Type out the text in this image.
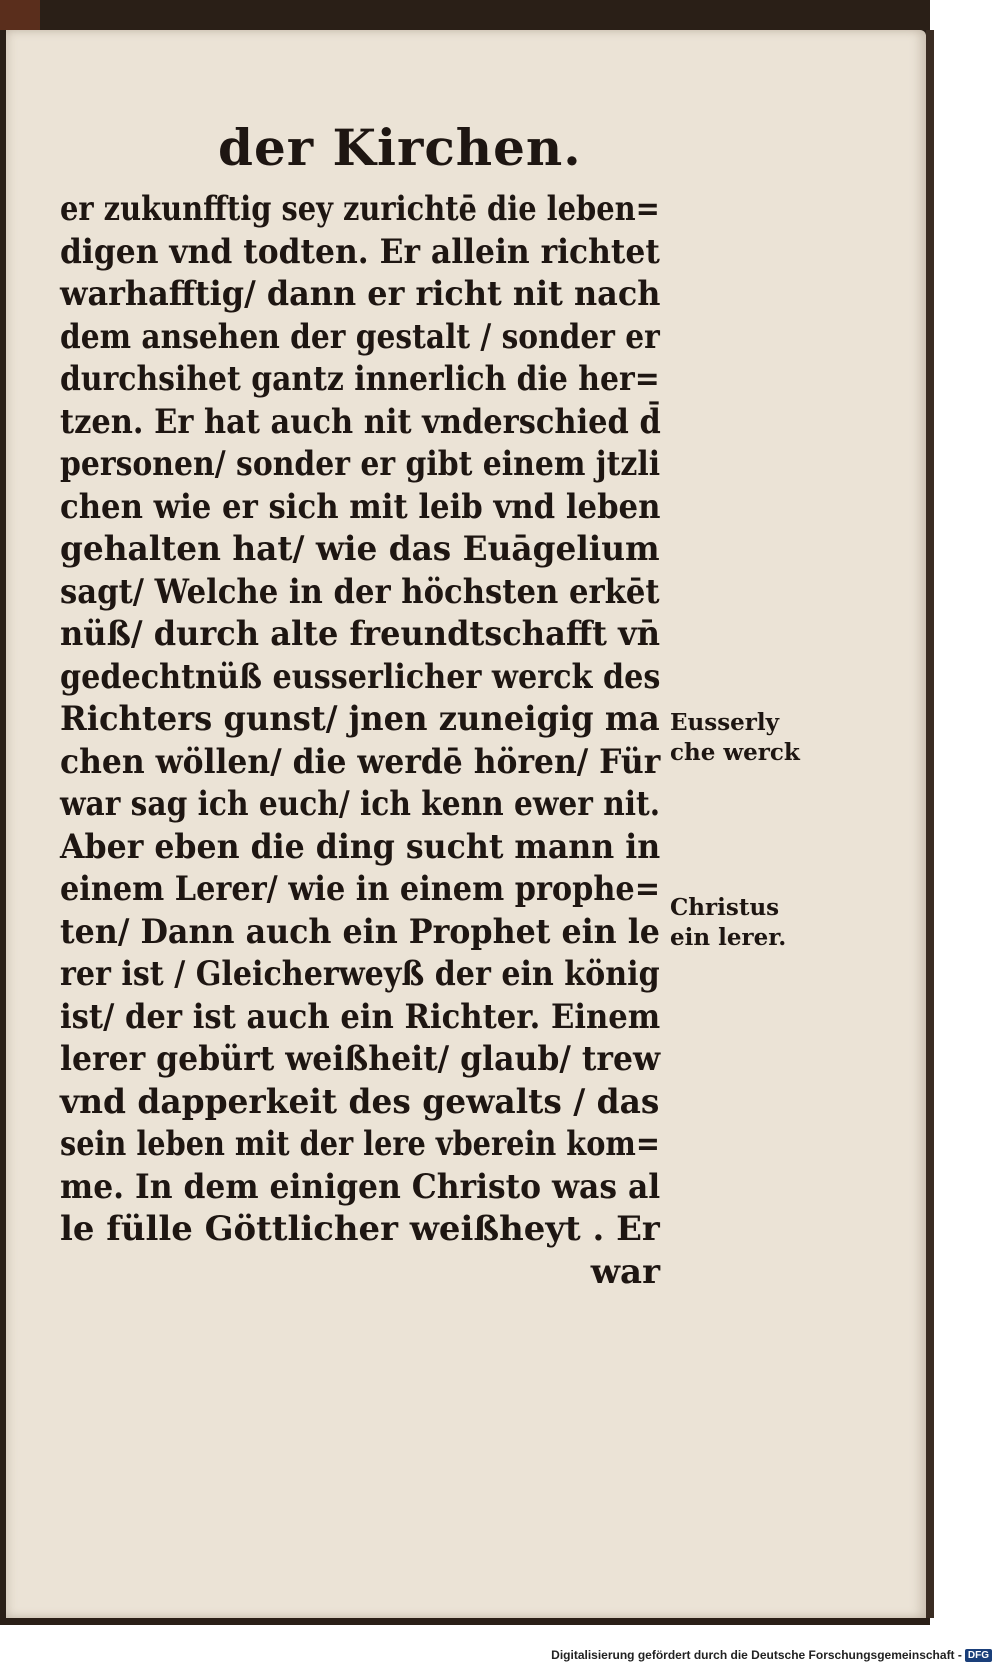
der Kirchen.
er zukunfftig sey zurichtē die leben=
digen vnd todten. Er allein richtet
warhafftig/ dann er richt nit nach
dem ansehen der gestalt / sonder er
durchsihet gantz innerlich die her=
tzen. Er hat auch nit vnderschied d̄
personen/ sonder er gibt einem jtzli
chen wie er sich mit leib vnd leben
gehalten hat/ wie das Euāgelium
sagt/ Welche in der höchsten erkēt
nüß/ durch alte freundtschafft vn̄
gedechtnüß eusserlicher werck des
Richters gunst/ jnen zuneigig ma
chen wöllen/ die werdē hören/ Für
war sag ich euch/ ich kenn ewer nit.
Aber eben die ding sucht mann in
einem Lerer/ wie in einem prophe=
ten/ Dann auch ein Prophet ein le
rer ist / Gleicherweyß der ein könig
ist/ der ist auch ein Richter. Einem
lerer gebürt weißheit/ glaub/ trew
vnd dapperkeit des gewalts / das
sein leben mit der lere vberein kom=
me. In dem einigen Christo was al
le fülle Göttlicher weißheyt . Er
war
Eusserly
che werck
Christus
ein lerer.
Digitalisierung gefördert durch die Deutsche Forschungsgemeinschaft - DFG
